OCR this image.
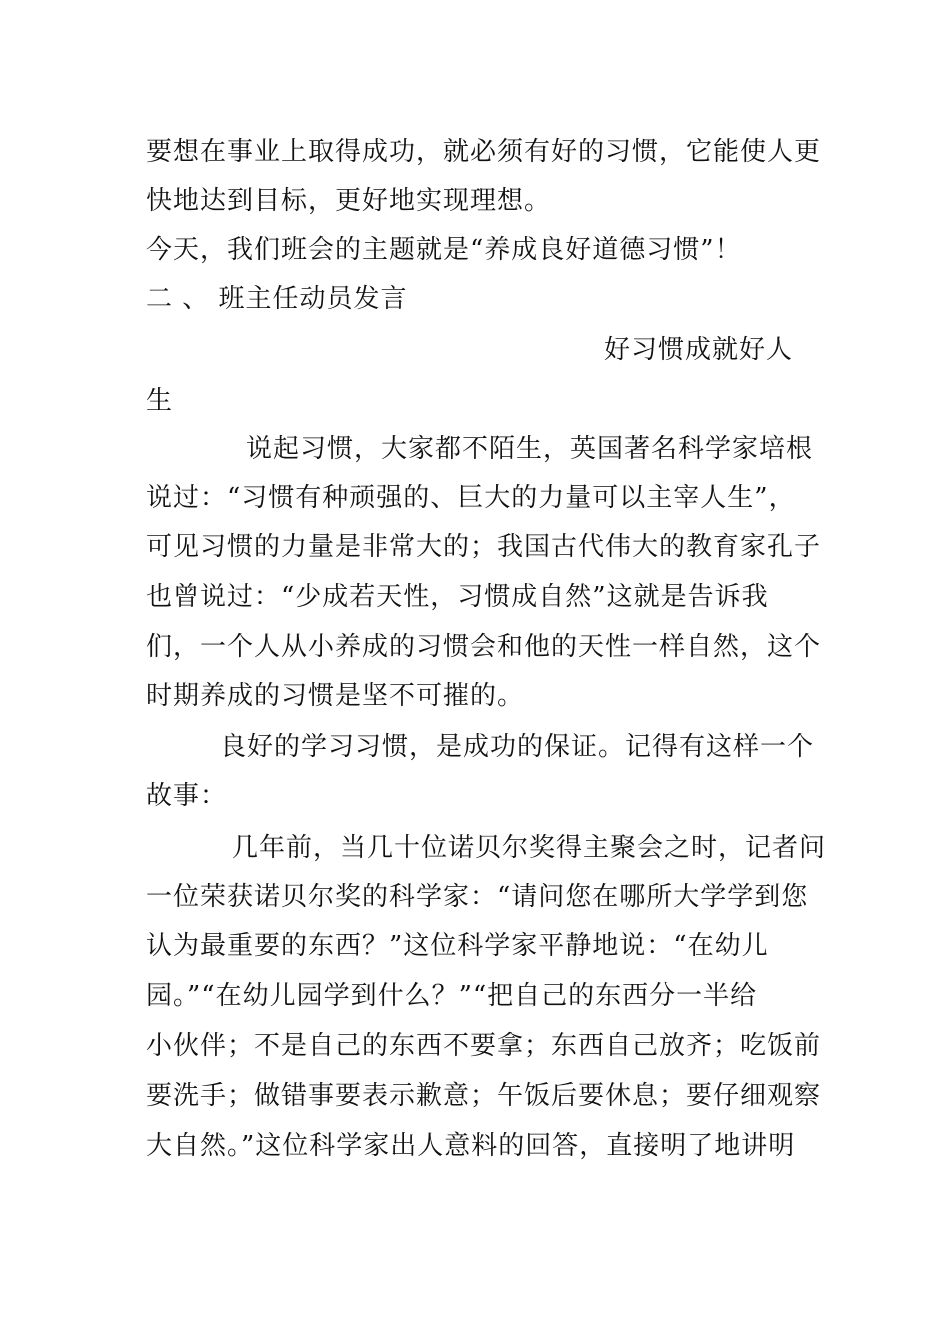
要想在事业上取得成功，就必须有好的习惯，它能使人更
快地达到目标，更好地实现理想。
今天，我们班会的主题就是“养成良好道德习惯”！
二 、 班主任动员发言
好习惯成就好人
生
说起习惯，大家都不陌生，英国著名科学家培根
说过：“习惯有种顽强的、巨大的力量可以主宰人生”，
可见习惯的力量是非常大的；我国古代伟大的教育家孔子
也曾说过：“少成若天性，习惯成自然”这就是告诉我
们，一个人从小养成的习惯会和他的天性一样自然，这个
时期养成的习惯是坚不可摧的。
良好的学习习惯，是成功的保证。记得有这样一个
故事：
几年前，当几十位诺贝尔奖得主聚会之时，记者问
一位荣获诺贝尔奖的科学家：“请问您在哪所大学学到您
认为最重要的东西？”这位科学家平静地说：“在幼儿
园。”“在幼儿园学到什么？”“把自己的东西分一半给
小伙伴；不是自己的东西不要拿；东西自己放齐；吃饭前
要洗手；做错事要表示歉意；午饭后要休息；要仔细观察
大自然。”这位科学家出人意料的回答，直接明了地讲明
